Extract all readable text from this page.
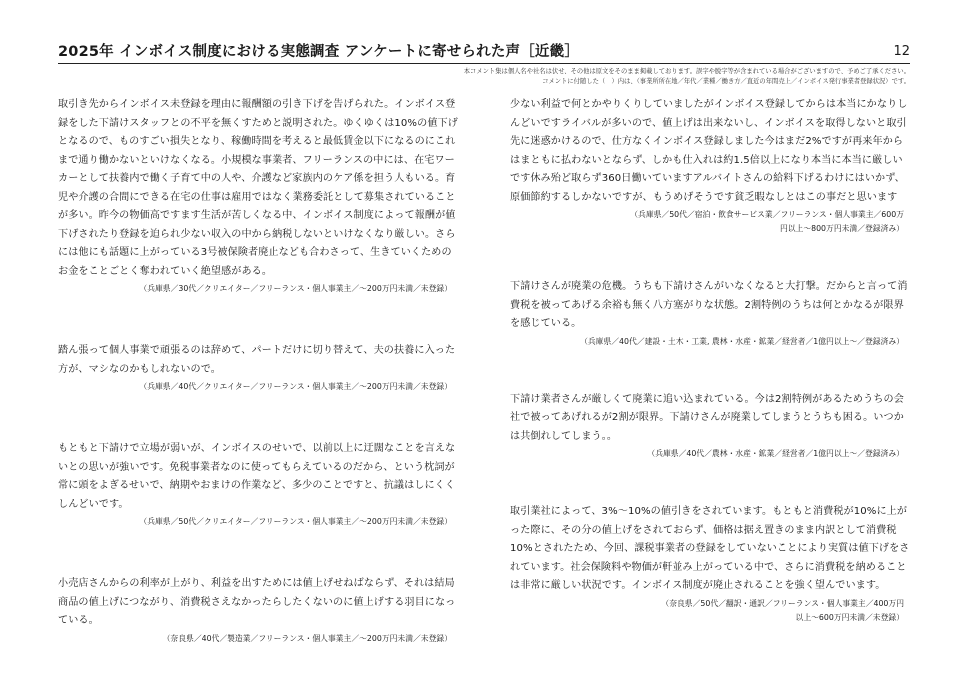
2025年 インボイス制度における実態調査 アンケートに寄せられた声［近畿］	12
本コメント集は個人名や社名は伏せ、その他は原文をそのまま掲載しております。誤字や脱字等が含まれている場合がございますので、予めご了承ください。
コメントに付随した（　）内は、（事業所所在地／年代／業種／働き方／直近の年間売上／インボイス発行事業者登録状況）です。
取引き先からインボイス未登録を理由に報酬額の引き下げを告げられた。インボイス登録をした下請けスタッフとの不平を無くすためと説明された。ゆくゆくは10%の値下げとなるので、ものすごい損失となり、稼働時間を考えると最低賃金以下になるのにこれまで通り働かないといけなくなる。小規模な事業者、フリーランスの中には、在宅ワーカーとして扶養内で働く子育て中の人や、介護など家族内のケア係を担う人もいる。育児や介護の合間にできる在宅の仕事は雇用ではなく業務委託として募集されていることが多い。昨今の物価高ですます生活が苦しくなる中、インボイス制度によって報酬が値下げされたり登録を迫られ少ない収入の中から納税しないといけなくなり厳しい。さらには他にも話題に上がっている3号被保険者廃止なども合わさって、生きていくためのお金をことごとく奪われていく絶望感がある。
（兵庫県／30代／クリエイター／フリーランス・個人事業主／〜200万円未満／未登録）
踏ん張って個人事業で頑張るのは辞めて、パートだけに切り替えて、夫の扶養に入った方が、マシなのかもしれないので。
（兵庫県／40代／クリエイター／フリーランス・個人事業主／〜200万円未満／未登録）
もともと下請けで立場が弱いが、インボイスのせいで、以前以上に迂闊なことを言えないとの思いが強いです。免税事業者なのに使ってもらえているのだから、という枕詞が常に頭をよぎるせいで、納期やおまけの作業など、多少のことですと、抗議はしにくくしんどいです。
（兵庫県／50代／クリエイター／フリーランス・個人事業主／〜200万円未満／未登録）
小売店さんからの利率が上がり、利益を出すためには値上げせねばならず、それは結局商品の値上げにつながり、消費税さえなかったらしたくないのに値上げする羽目になっている。
（奈良県／40代／製造業／フリーランス・個人事業主／〜200万円未満／未登録）
少ない利益で何とかやりくりしていましたがインボイス登録してからは本当にかなりしんどいですライバルが多いので、値上げは出来ないし、インボイスを取得しないと取引先に迷惑かけるので、仕方なくインボイス登録しました今はまだ2%ですが再来年からはまともに払わないとならず、しかも仕入れは約1.5倍以上になり本当に本当に厳しいです休み殆ど取らず360日働いていますアルバイトさんの給料下げるわけにはいかず、原価節約するしかないですが、もうめげそうです貧乏暇なしとはこの事だと思います
（兵庫県／50代／宿泊・飲食サービス業／フリーランス・個人事業主／600万円以上〜800万円未満／登録済み）
下請けさんが廃業の危機。うちも下請けさんがいなくなると大打撃。だからと言って消費税を被ってあげる余裕も無く八方塞がりな状態。2割特例のうちは何とかなるが限界を感じている。
（兵庫県／40代／建設・土木・工業, 農林・水産・鉱業／経営者／1億円以上〜／登録済み）
下請け業者さんが厳しくて廃業に追い込まれている。今は2割特例があるためうちの会社で被ってあげれるが2割が限界。下請けさんが廃業してしまうとうちも困る。いつかは共倒れしてしまう。。
（兵庫県／40代／農林・水産・鉱業／経営者／1億円以上〜／登録済み）
取引業社によって、3%〜10%の値引きをされています。もともと消費税が10%に上がった際に、その分の値上げをされておらず、価格は据え置きのまま内訳として消費税10%とされたため、今回、課税事業者の登録をしていないことにより実質は値下げをされています。社会保険料や物価が軒並み上がっている中で、さらに消費税を納めることは非常に厳しい状況です。インボイス制度が廃止されることを強く望んでいます。
（奈良県／50代／翻訳・通訳／フリーランス・個人事業主／400万円以上〜600万円未満／未登録）
